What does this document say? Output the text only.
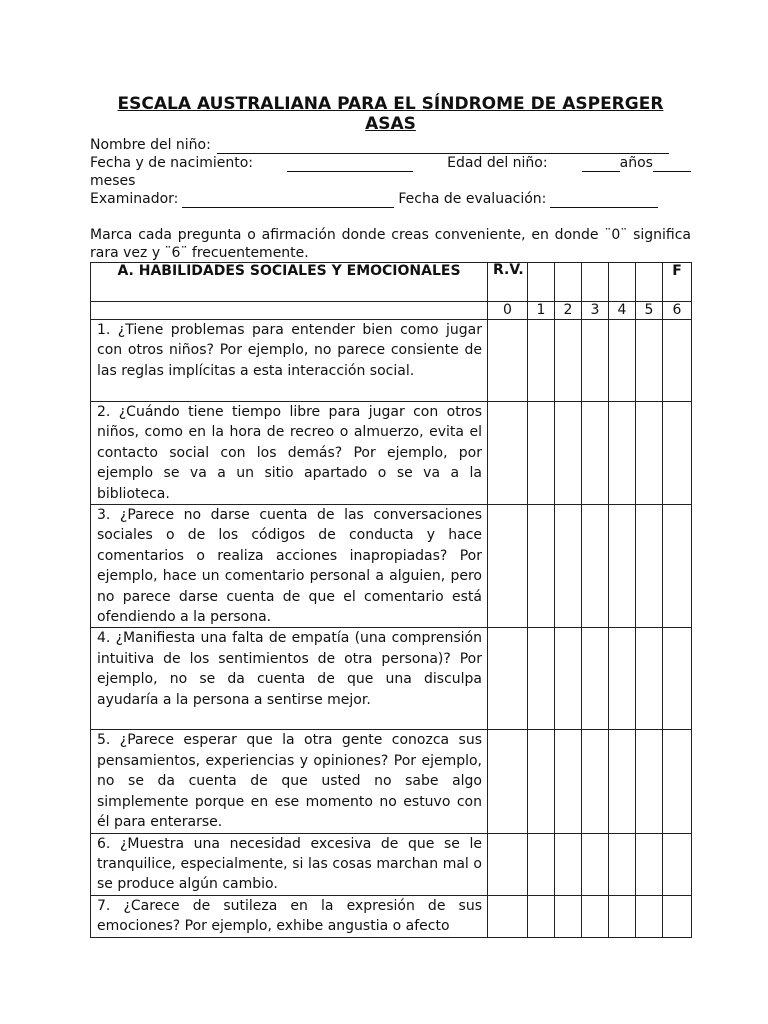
ESCALA AUSTRALIANA PARA EL SÍNDROME DE ASPERGER
ASAS
Nombre del niño:
Fecha y de nacimiento:	Edad del niño:	años
meses
Examinador:	Fecha de evaluación:
Marca cada pregunta o afirmación donde creas conveniente, en donde ¨0¨ significa rara vez y ¨6¨ frecuentemente.
A. HABILIDADES SOCIALES Y EMOCIONALES	R.V.						F
	0	1	2	3	4	5	6
1. ¿Tiene problemas para entender bien como jugar con otros niños? Por ejemplo, no parece consiente de las reglas implícitas a esta interacción social.							
2. ¿Cuándo tiene tiempo libre para jugar con otros niños, como en la hora de recreo o almuerzo, evita el contacto social con los demás? Por ejemplo, por ejemplo se va a un sitio apartado o se va a la biblioteca.							
3. ¿Parece no darse cuenta de las conversaciones sociales o de los códigos de conducta y hace comentarios o realiza acciones inapropiadas? Por ejemplo, hace un comentario personal a alguien, pero no parece darse cuenta de que el comentario está ofendiendo a la persona.							
4. ¿Manifiesta una falta de empatía (una comprensión intuitiva de los sentimientos de otra persona)? Por ejemplo, no se da cuenta de que una disculpa ayudaría a la persona a sentirse mejor.							
5. ¿Parece esperar que la otra gente conozca sus pensamientos, experiencias y opiniones? Por ejemplo, no se da cuenta de que usted no sabe algo simplemente porque en ese momento no estuvo con él para enterarse.							
6. ¿Muestra una necesidad excesiva de que se le tranquilice, especialmente, si las cosas marchan mal o se produce algún cambio.							
7. ¿Carece de sutileza en la expresión de sus emociones? Por ejemplo, exhibe angustia o afecto							
